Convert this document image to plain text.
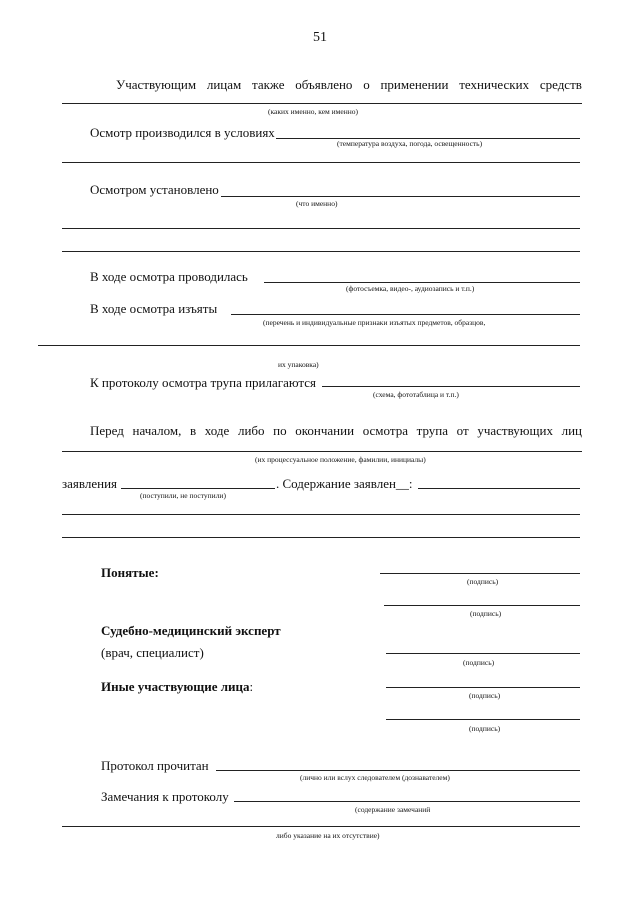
51
Участвующим лицам также объявлено о применении технических средств
(каких именно, кем именно)
Осмотр производился в условиях
(температура воздуха, погода, освещенность)
Осмотром установлено
(что именно)
В ходе осмотра проводилась
(фотосъемка, видео-, аудиозапись и т.п.)
В ходе осмотра изъяты
(перечень и индивидуальные признаки изъятых предметов, образцов,
их упаковка)
К протоколу осмотра трупа прилагаются
(схема, фототаблица и т.п.)
Перед началом, в ходе либо по окончании осмотра трупа от участвующих лиц
(их процессуальное положение, фамилии, инициалы)
заявления
(поступили, не поступили)
. Содержание заявлен__:
Понятые:
(подпись)
(подпись)
Судебно-медицинский эксперт
(врач, специалист)
(подпись)
Иные участвующие лица:
(подпись)
(подпись)
Протокол прочитан
(лично или вслух следователем (дознавателем)
Замечания к протоколу
(содержание замечаний
либо указание на их отсутствие)
